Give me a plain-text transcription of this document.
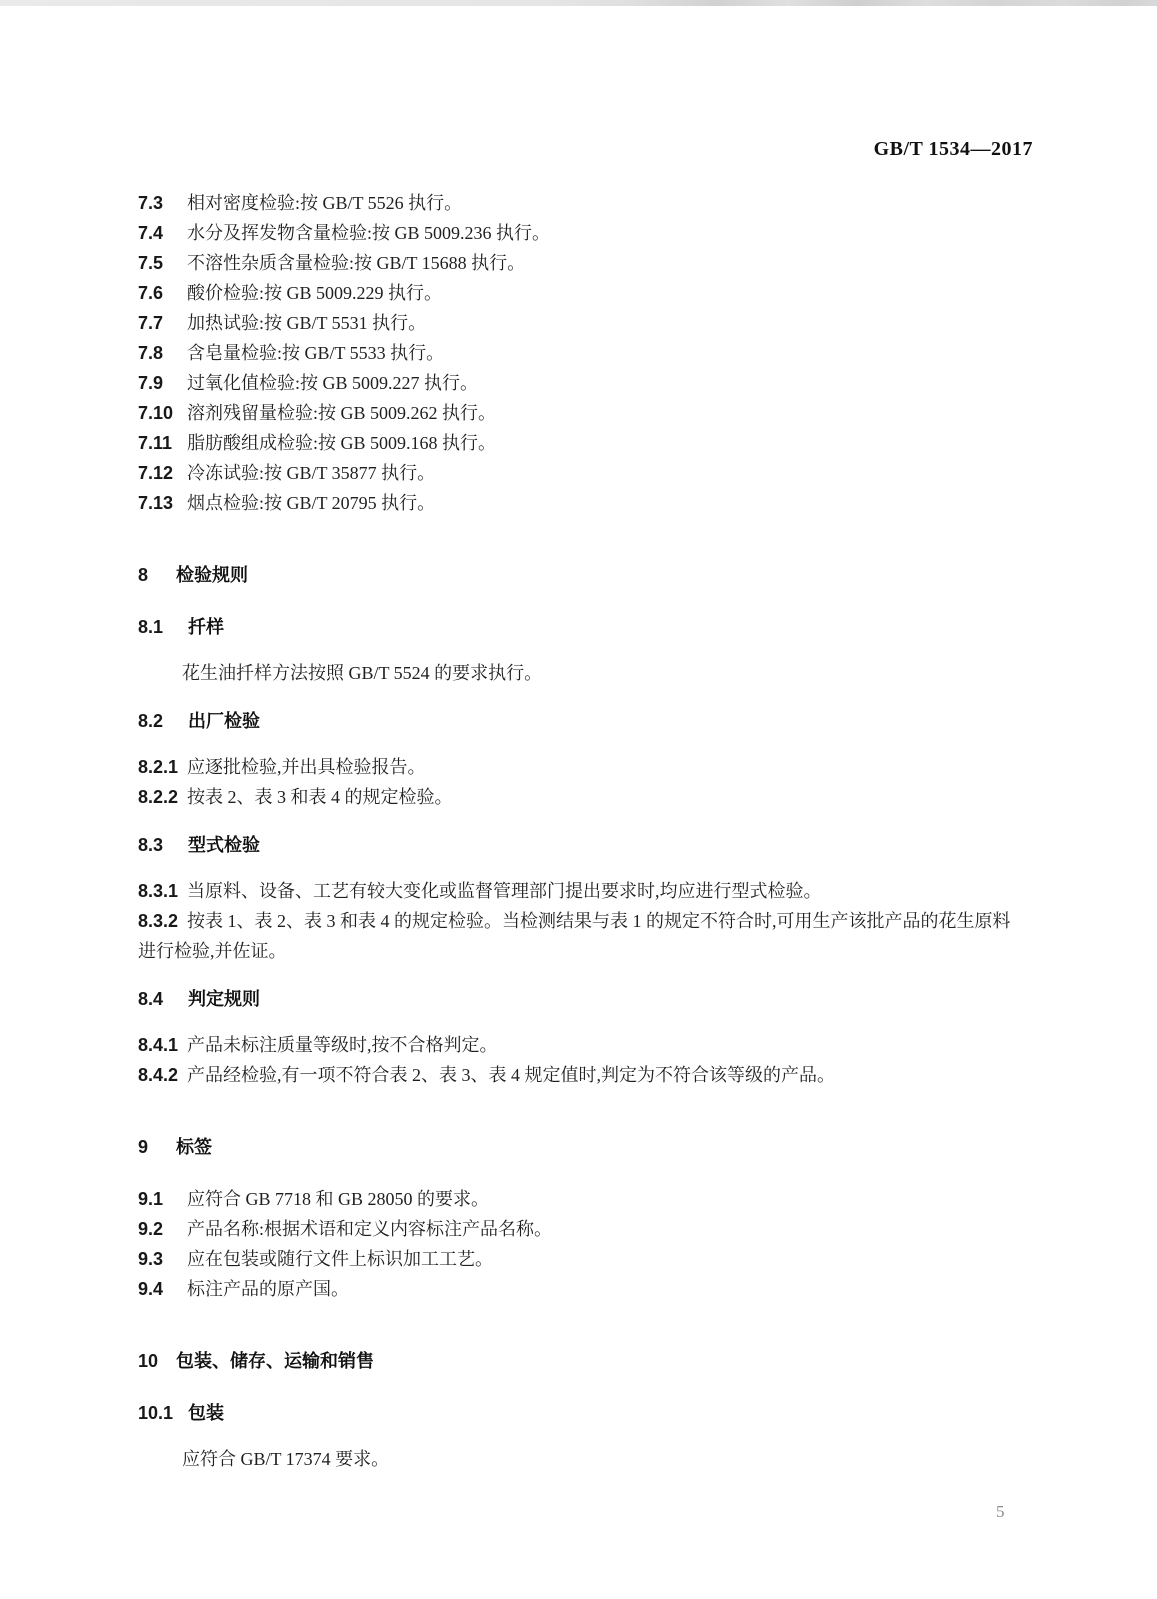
GB/T 1534—2017
7.3 相对密度检验:按 GB/T 5526 执行。
7.4 水分及挥发物含量检验:按 GB 5009.236 执行。
7.5 不溶性杂质含量检验:按 GB/T 15688 执行。
7.6 酸价检验:按 GB 5009.229 执行。
7.7 加热试验:按 GB/T 5531 执行。
7.8 含皂量检验:按 GB/T 5533 执行。
7.9 过氧化值检验:按 GB 5009.227 执行。
7.10 溶剂残留量检验:按 GB 5009.262 执行。
7.11 脂肪酸组成检验:按 GB 5009.168 执行。
7.12 冷冻试验:按 GB/T 35877 执行。
7.13 烟点检验:按 GB/T 20795 执行。
8 检验规则
8.1 扦样

花生油扦样方法按照 GB/T 5524 的要求执行。

8.2 出厂检验
8.2.1 应逐批检验,并出具检验报告。
8.2.2 按表 2、表 3 和表 4 的规定检验。
8.3 型式检验
8.3.1 当原料、设备、工艺有较大变化或监督管理部门提出要求时,均应进行型式检验。
8.3.2 按表 1、表 2、表 3 和表 4 的规定检验。当检测结果与表 1 的规定不符合时,可用生产该批产品的花生原料进行检验,并佐证。
8.4 判定规则
8.4.1 产品未标注质量等级时,按不合格判定。
8.4.2 产品经检验,有一项不符合表 2、表 3、表 4 规定值时,判定为不符合该等级的产品。
9 标签
9.1 应符合 GB 7718 和 GB 28050 的要求。
9.2 产品名称:根据术语和定义内容标注产品名称。
9.3 应在包装或随行文件上标识加工工艺。
9.4 标注产品的原产国。
10 包装、储存、运输和销售
10.1 包装

应符合 GB/T 17374 要求。

5
